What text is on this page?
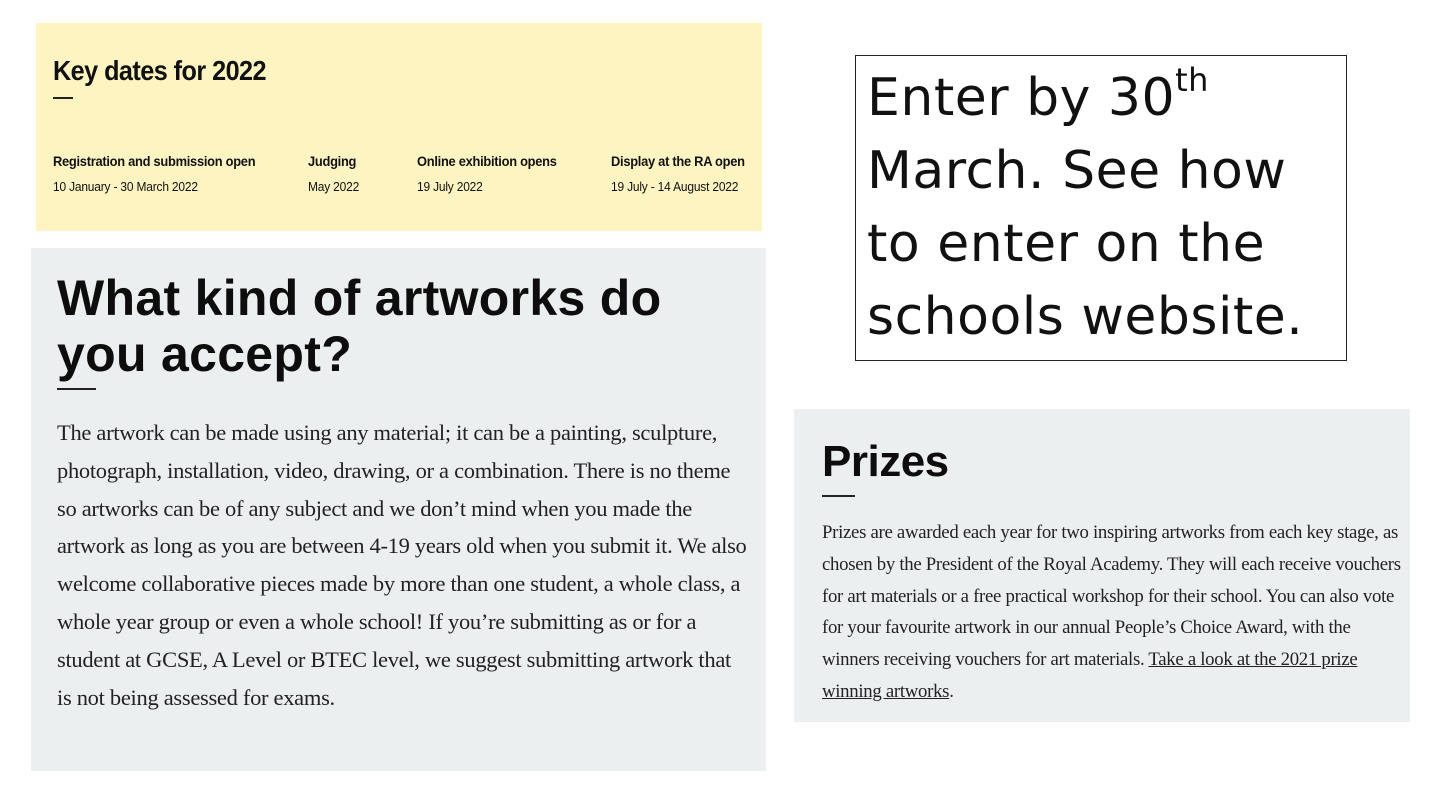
Key dates for 2022
Registration and submission open
10 January - 30 March 2022
Judging
May 2022
Online exhibition opens
19 July 2022
Display at the RA open
19 July - 14 August 2022
What kind of artworks do you accept?

The artwork can be made using any material; it can be a painting, sculpture, photograph, installation, video, drawing, or a combination. There is no theme so artworks can be of any subject and we don’t mind when you made the artwork as long as you are between 4-19 years old when you submit it. We also welcome collaborative pieces made by more than one student, a whole class, a whole year group or even a whole school! If you’re submitting as or for a student at GCSE, A Level or BTEC level, we suggest submitting artwork that is not being assessed for exams.

Enter by 30th March. See how to enter on the schools website.

Prizes

Prizes are awarded each year for two inspiring artworks from each key stage, as chosen by the President of the Royal Academy. They will each receive vouchers for art materials or a free practical workshop for their school. You can also vote for your favourite artwork in our annual People’s Choice Award, with the winners receiving vouchers for art materials. Take a look at the 2021 prize winning artworks.
